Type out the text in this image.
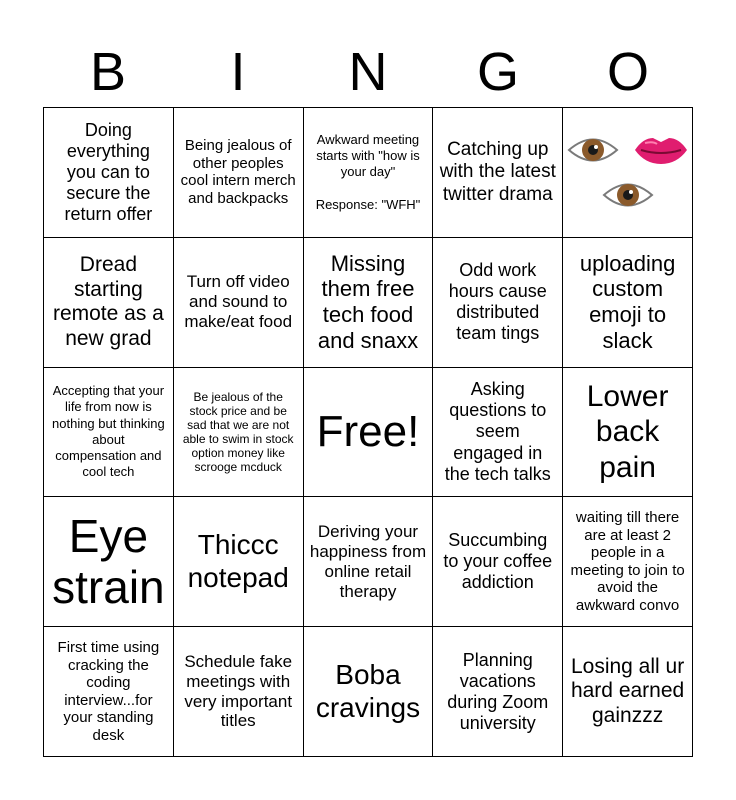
B	I	N	G	O
Doing everything you can to secure the return offer
Being jealous of other peoples cool intern merch and backpacks
Awkward meeting starts with "how is your day"

Response: "WFH"
Catching up with the latest twitter drama
Dread starting remote as a new grad
Turn off video and sound to make/eat food
Missing them free tech food and snaxx
Odd work hours cause distributed team tings
uploading custom emoji to slack
Accepting that your life from now is nothing but thinking about compensation and cool tech
Be jealous of the stock price and be sad that we are not able to swim in stock option money like scrooge mcduck
Free!
Asking questions to seem engaged in the tech talks
Lower back pain
Eye strain
Thiccc notepad
Deriving your happiness from online retail therapy
Succumbing to your coffee addiction
waiting till there are at least 2 people in a meeting to join to avoid the awkward convo
First time using cracking the coding interview...for your standing desk
Schedule fake meetings with very important titles
Boba cravings
Planning vacations during Zoom university
Losing all ur hard earned gainzzz
